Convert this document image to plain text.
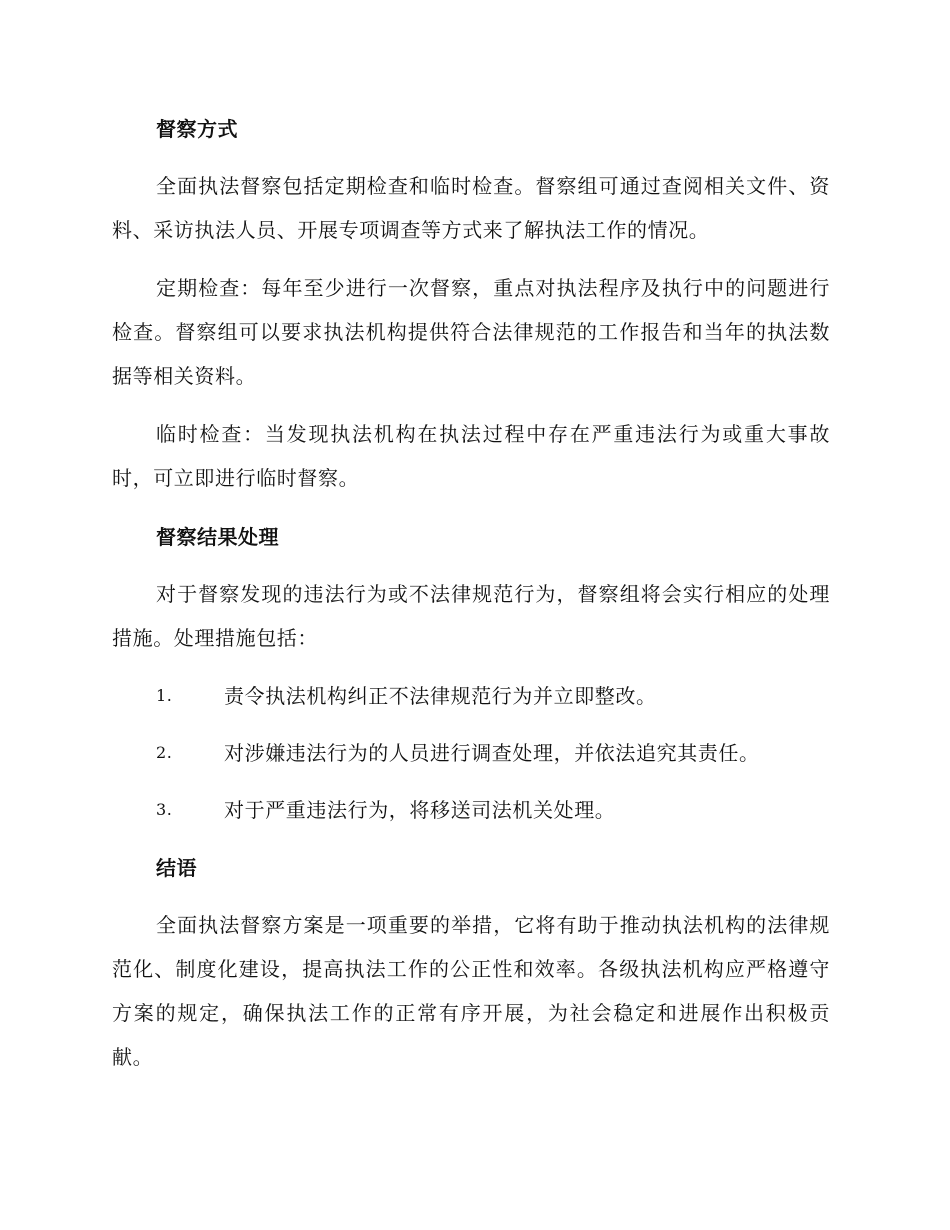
督察方式

全面执法督察包括定期检查和临时检查。督察组可通过查阅相关文件、资料、采访执法人员、开展专项调查等方式来了解执法工作的情况。

定期检查：每年至少进行一次督察，重点对执法程序及执行中的问题进行检查。督察组可以要求执法机构提供符合法律规范的工作报告和当年的执法数据等相关资料。

临时检查：当发现执法机构在执法过程中存在严重违法行为或重大事故时，可立即进行临时督察。

督察结果处理

对于督察发现的违法行为或不法律规范行为，督察组将会实行相应的处理措施。处理措施包括：

1.	责令执法机构纠正不法律规范行为并立即整改。
2.	对涉嫌违法行为的人员进行调查处理，并依法追究其责任。
3.	对于严重违法行为，将移送司法机关处理。
结语

全面执法督察方案是一项重要的举措，它将有助于推动执法机构的法律规范化、制度化建设，提高执法工作的公正性和效率。各级执法机构应严格遵守方案的规定，确保执法工作的正常有序开展，为社会稳定和进展作出积极贡献。
